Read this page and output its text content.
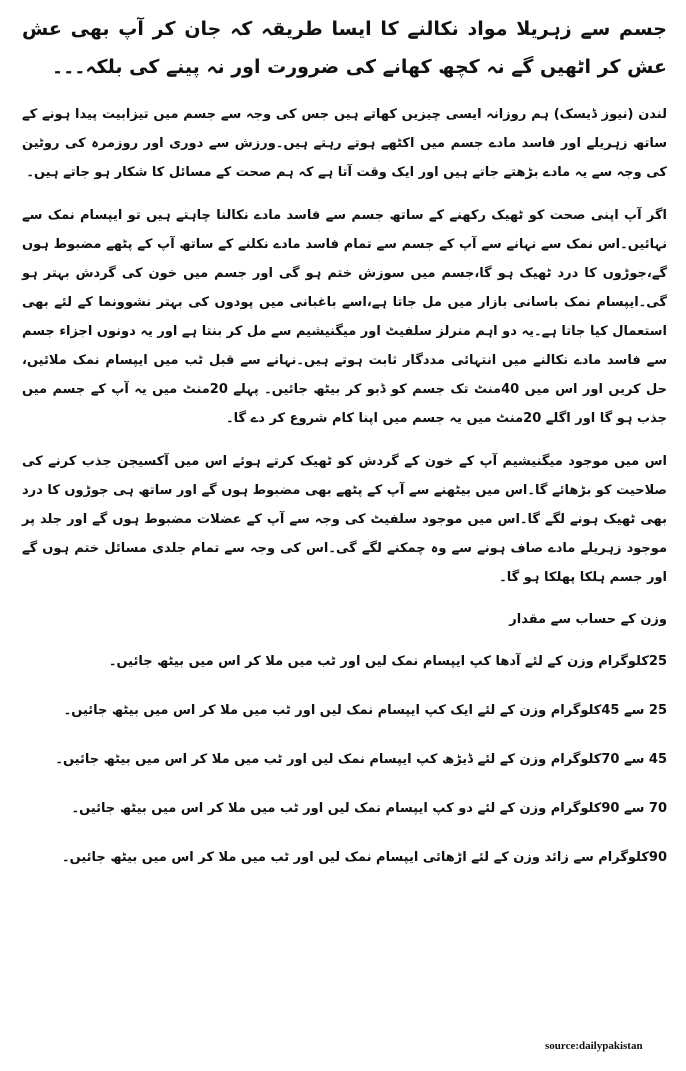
جسم سے زہریلا مواد نکالنے کا ایسا طریقہ کہ جان کر آپ بھی عش عش کر اٹھیں گے نہ کچھ کھانے کی ضرورت اور نہ پینے کی بلکہ۔۔۔

لندن (نیوز ڈیسک) ہم روزانہ ایسی چیزیں کھاتے ہیں جس کی وجہ سے جسم میں تیزابیت پیدا ہونے کے ساتھ زہریلے اور فاسد مادے جسم میں اکٹھے ہوتے رہتے ہیں۔ورزش سے دوری اور روزمرہ کی روٹین کی وجہ سے یہ مادے بڑھتے جاتے ہیں اور ایک وقت آتا ہے کہ ہم صحت کے مسائل کا شکار ہو جاتے ہیں۔

اگر آپ اپنی صحت کو ٹھیک رکھنے کے ساتھ جسم سے فاسد مادے نکالنا چاہتے ہیں تو ایپسام نمک سے نہائیں۔اس نمک سے نہانے سے آپ کے جسم سے تمام فاسد مادے نکلنے کے ساتھ آپ کے پٹھے مضبوط ہوں گے،جوڑوں کا درد ٹھیک ہو گا،جسم میں سوزش ختم ہو گی اور جسم میں خون کی گردش بہتر ہو گی۔ایپسام نمک باسانی بازار میں مل جاتا ہے،اسے باغبانی میں پودوں کی بہتر نشوونما کے لئے بھی استعمال کیا جاتا ہے۔یہ دو اہم منرلز سلفیٹ اور میگنیشیم سے مل کر بنتا ہے اور یہ دونوں اجزاء جسم سے فاسد مادے نکالنے میں انتہائی مددگار ثابت ہوتے ہیں۔نہانے سے قبل ٹب میں ایپسام نمک ملائیں، حل کریں اور اس میں 40منٹ تک جسم کو ڈبو کر بیٹھ جائیں۔ پہلے 20منٹ میں یہ آپ کے جسم میں جذب ہو گا اور اگلے 20منٹ میں یہ جسم میں اپنا کام شروع کر دے گا۔

اس میں موجود میگنیشیم آپ کے خون کے گردش کو ٹھیک کرتے ہوئے اس میں آکسیجن جذب کرنے کی صلاحیت کو بڑھائے گا۔اس میں بیٹھنے سے آپ کے پٹھے بھی مضبوط ہوں گے اور ساتھ ہی جوڑوں کا درد بھی ٹھیک ہونے لگے گا۔اس میں موجود سلفیٹ کی وجہ سے آپ کے عضلات مضبوط ہوں گے اور جلد پر موجود زہریلے مادے صاف ہونے سے وہ چمکنے لگے گی۔اس کی وجہ سے تمام جلدی مسائل ختم ہوں گے اور جسم ہلکا پھلکا ہو گا۔

وزن کے حساب سے مقدار
25کلوگرام وزن کے لئے آدھا کپ ایپسام نمک لیں اور ٹب میں ملا کر اس میں بیٹھ جائیں۔
25 سے 45کلوگرام وزن کے لئے ایک کپ ایپسام نمک لیں اور ٹب میں ملا کر اس میں بیٹھ جائیں۔
45 سے 70کلوگرام وزن کے لئے ڈیڑھ کپ ایپسام نمک لیں اور ٹب میں ملا کر اس میں بیٹھ جائیں۔
70 سے 90کلوگرام وزن کے لئے دو کپ ایپسام نمک لیں اور ٹب میں ملا کر اس میں بیٹھ جائیں۔
90کلوگرام سے زائد وزن کے لئے اڑھائی ایپسام نمک لیں اور ٹب میں ملا کر اس میں بیٹھ جائیں۔
source:dailypakistan
